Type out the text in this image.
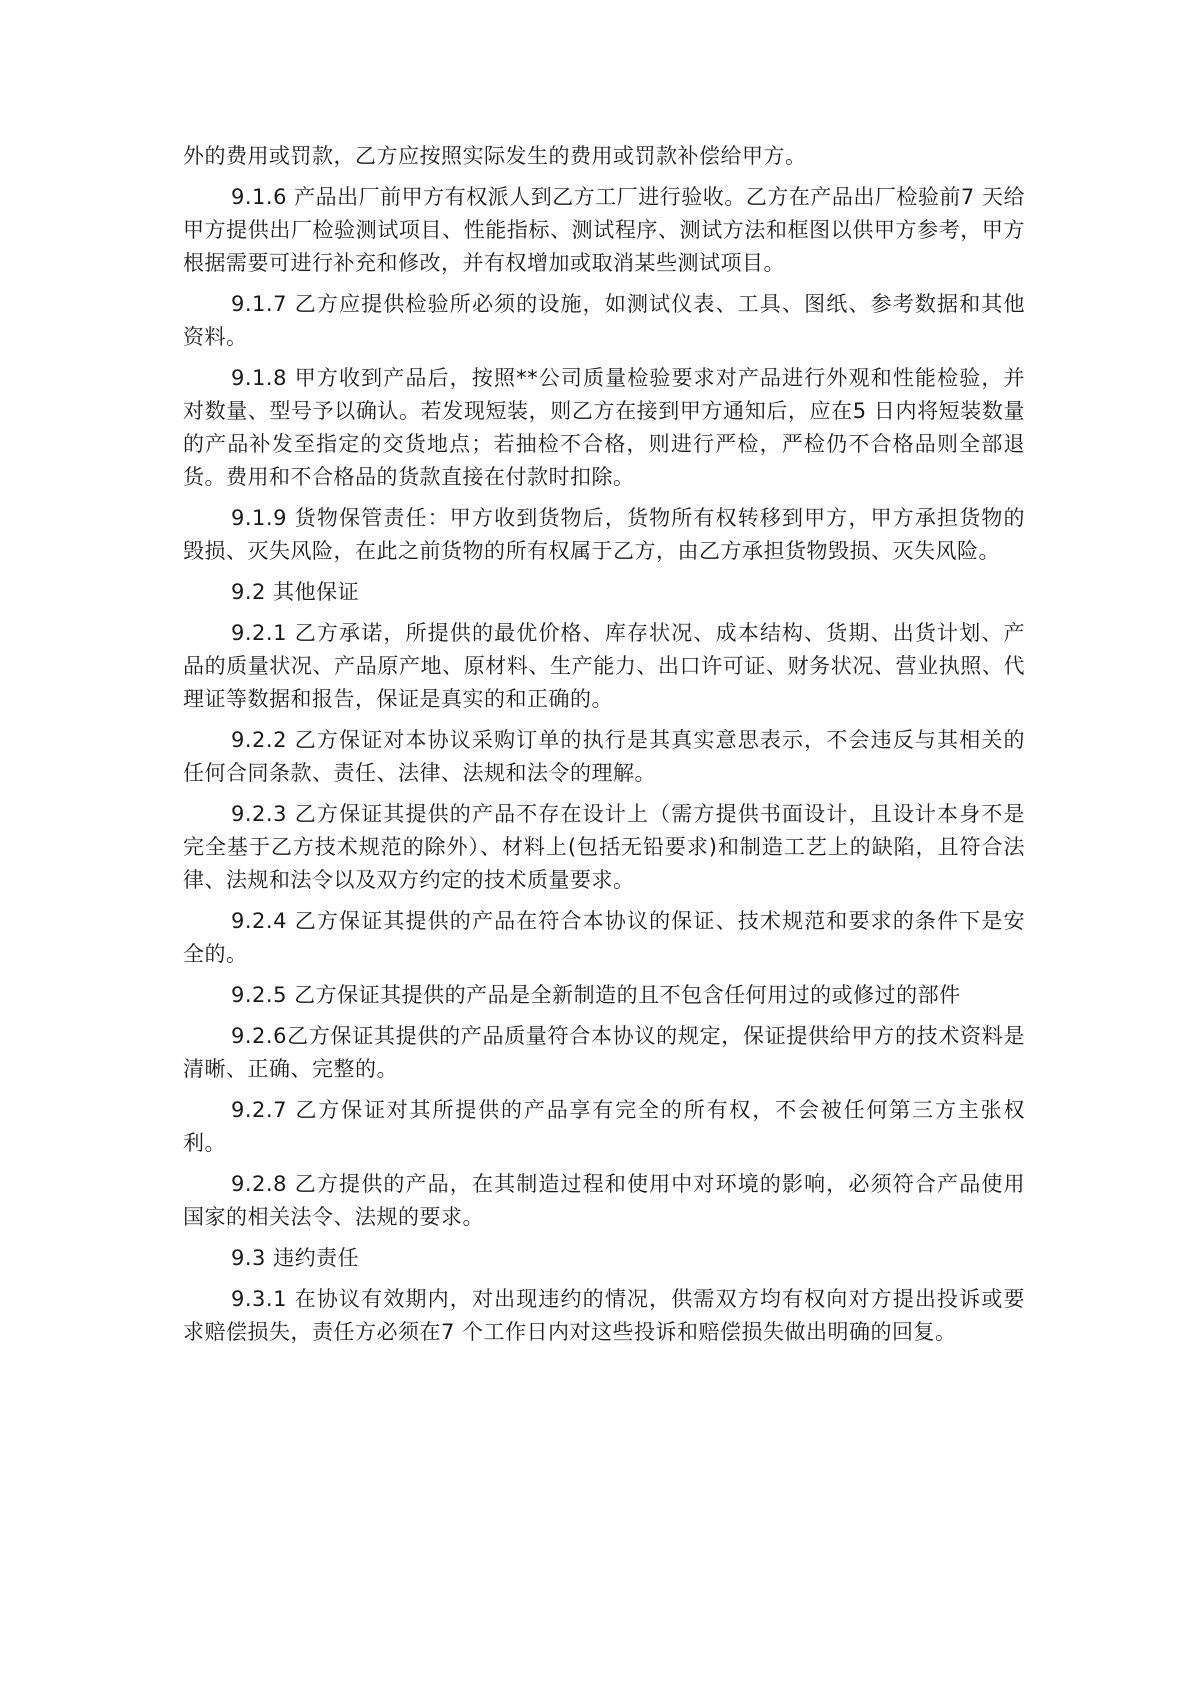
外的费用或罚款，乙方应按照实际发生的费用或罚款补偿给甲方。

9.1.6 产品出厂前甲方有权派人到乙方工厂进行验收。乙方在产品出厂检验前7 天给甲方提供出厂检验测试项目、性能指标、测试程序、测试方法和框图以供甲方参考，甲方根据需要可进行补充和修改，并有权增加或取消某些测试项目。

9.1.7 乙方应提供检验所必须的设施，如测试仪表、工具、图纸、参考数据和其他资料。

9.1.8 甲方收到产品后，按照**公司质量检验要求对产品进行外观和性能检验，并对数量、型号予以确认。若发现短装，则乙方在接到甲方通知后，应在5 日内将短装数量的产品补发至指定的交货地点；若抽检不合格，则进行严检，严检仍不合格品则全部退货。费用和不合格品的货款直接在付款时扣除。

9.1.9 货物保管责任：甲方收到货物后，货物所有权转移到甲方，甲方承担货物的毁损、灭失风险，在此之前货物的所有权属于乙方，由乙方承担货物毁损、灭失风险。

9.2 其他保证

9.2.1 乙方承诺，所提供的最优价格、库存状况、成本结构、货期、出货计划、产品的质量状况、产品原产地、原材料、生产能力、出口许可证、财务状况、营业执照、代理证等数据和报告，保证是真实的和正确的。

9.2.2 乙方保证对本协议采购订单的执行是其真实意思表示，不会违反与其相关的任何合同条款、责任、法律、法规和法令的理解。

9.2.3 乙方保证其提供的产品不存在设计上（需方提供书面设计，且设计本身不是完全基于乙方技术规范的除外）、材料上(包括无铅要求)和制造工艺上的缺陷，且符合法律、法规和法令以及双方约定的技术质量要求。

9.2.4 乙方保证其提供的产品在符合本协议的保证、技术规范和要求的条件下是安全的。

9.2.5 乙方保证其提供的产品是全新制造的且不包含任何用过的或修过的部件

9.2.6乙方保证其提供的产品质量符合本协议的规定，保证提供给甲方的技术资料是清晰、正确、完整的。

9.2.7 乙方保证对其所提供的产品享有完全的所有权，不会被任何第三方主张权利。

9.2.8 乙方提供的产品，在其制造过程和使用中对环境的影响，必须符合产品使用国家的相关法令、法规的要求。

9.3 违约责任

9.3.1 在协议有效期内，对出现违约的情况，供需双方均有权向对方提出投诉或要求赔偿损失，责任方必须在7 个工作日内对这些投诉和赔偿损失做出明确的回复。
